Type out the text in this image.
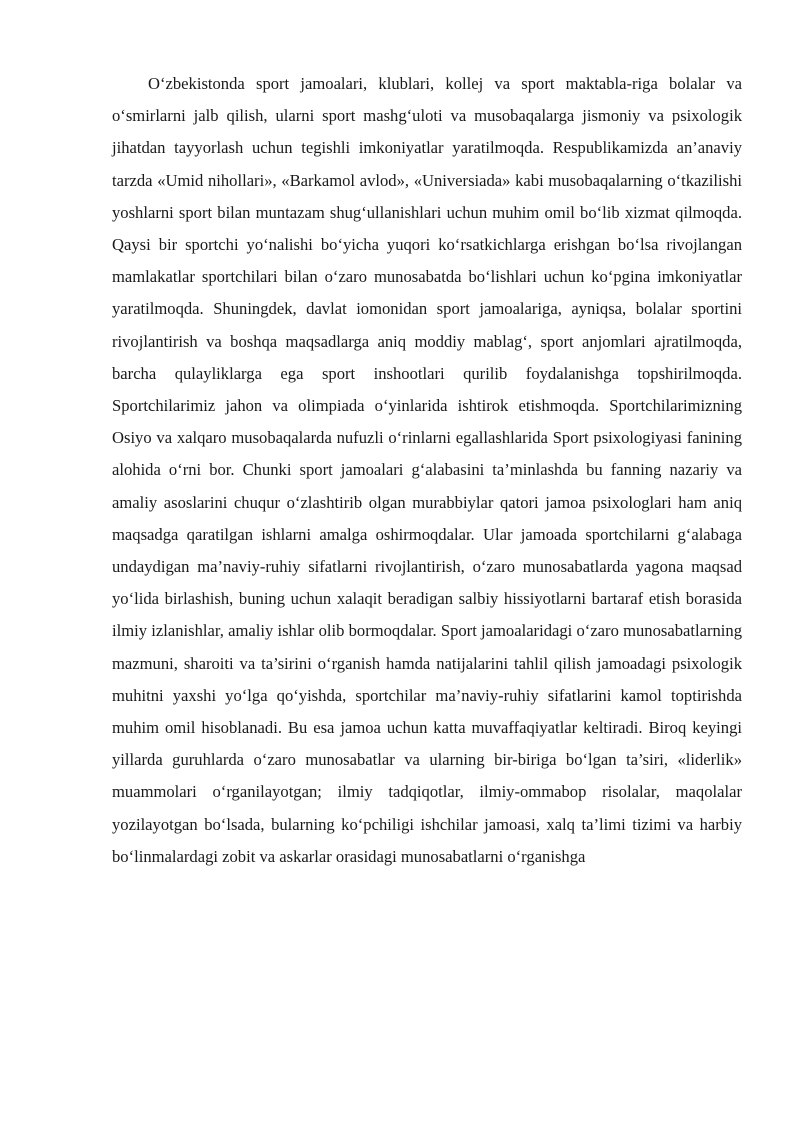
O‘zbekistonda sport jamoalari, klublari, kollej va sport maktabla-riga bolalar va o‘smirlarni jalb qilish, ularni sport mashg‘uloti va musobaqalarga jismoniy va psixologik jihatdan tayyorlash uchun tegishli imkoniyatlar yaratilmoqda. Respublikamizda an’anaviy tarzda «Umid nihollari», «Barkamol avlod», «Universiada» kabi musobaqalarning o‘tkazilishi yoshlarni sport bilan muntazam shug‘ullanishlari uchun muhim omil bo‘lib xizmat qilmoqda. Qaysi bir sportchi yo‘nalishi bo‘yicha yuqori ko‘rsatkichlarga erishgan bo‘lsa rivojlangan mamlakatlar sportchilari bilan o‘zaro munosabatda bo‘lishlari uchun ko‘pgina imkoniyatlar yaratilmoqda. Shuningdek, davlat iomonidan sport jamoalariga, ayniqsa, bolalar sportini rivojlantirish va boshqa maqsadlarga aniq moddiy mablag‘, sport anjomlari ajratilmoqda, barcha qulayliklarga ega sport inshootlari qurilib foydalanishga topshirilmoqda. Sportchilarimiz jahon va olimpiada o‘yinlarida ishtirok etishmoqda. Sportchilarimizning Osiyo va xalqaro musobaqalarda nufuzli o‘rinlarni egallashlarida Sport psixologiyasi fanining alohida o‘rni bor. Chunki sport jamoalari g‘alabasini ta’minlashda bu fanning nazariy va amaliy asoslarini chuqur o‘zlashtirib olgan murabbiylar qatori jamoa psixologlari ham aniq maqsadga qaratilgan ishlarni amalga oshirmoqdalar. Ular jamoada sportchilarni g‘alabaga undaydigan ma’naviy-ruhiy sifatlarni rivojlantirish, o‘zaro munosabatlarda yagona maqsad yo‘lida birlashish, buning uchun xalaqit beradigan salbiy hissiyotlarni bartaraf etish borasida ilmiy izlanishlar, amaliy ishlar olib bormoqdalar. Sport jamoalaridagi o‘zaro munosabatlarning mazmuni, sharoiti va ta’sirini o‘rganish hamda natijalarini tahlil qilish jamoadagi psixologik muhitni yaxshi yo‘lga qo‘yishda, sportchilar ma’naviy-ruhiy sifatlarini kamol toptirishda muhim omil hisoblanadi. Bu esa jamoa uchun katta muvaffaqiyatlar keltiradi. Biroq keyingi yillarda guruhlarda o‘zaro munosabatlar va ularning bir-biriga bo‘lgan ta’siri, «liderlik» muammolari o‘rganilayotgan; ilmiy tadqiqotlar, ilmiy-ommabop risolalar, maqolalar yozilayotgan bo‘lsada, bularning ko‘pchiligi ishchilar jamoasi, xalq ta’limi tizimi va harbiy bo‘linmalardagi zobit va askarlar orasidagi munosabatlarni o‘rganishga
